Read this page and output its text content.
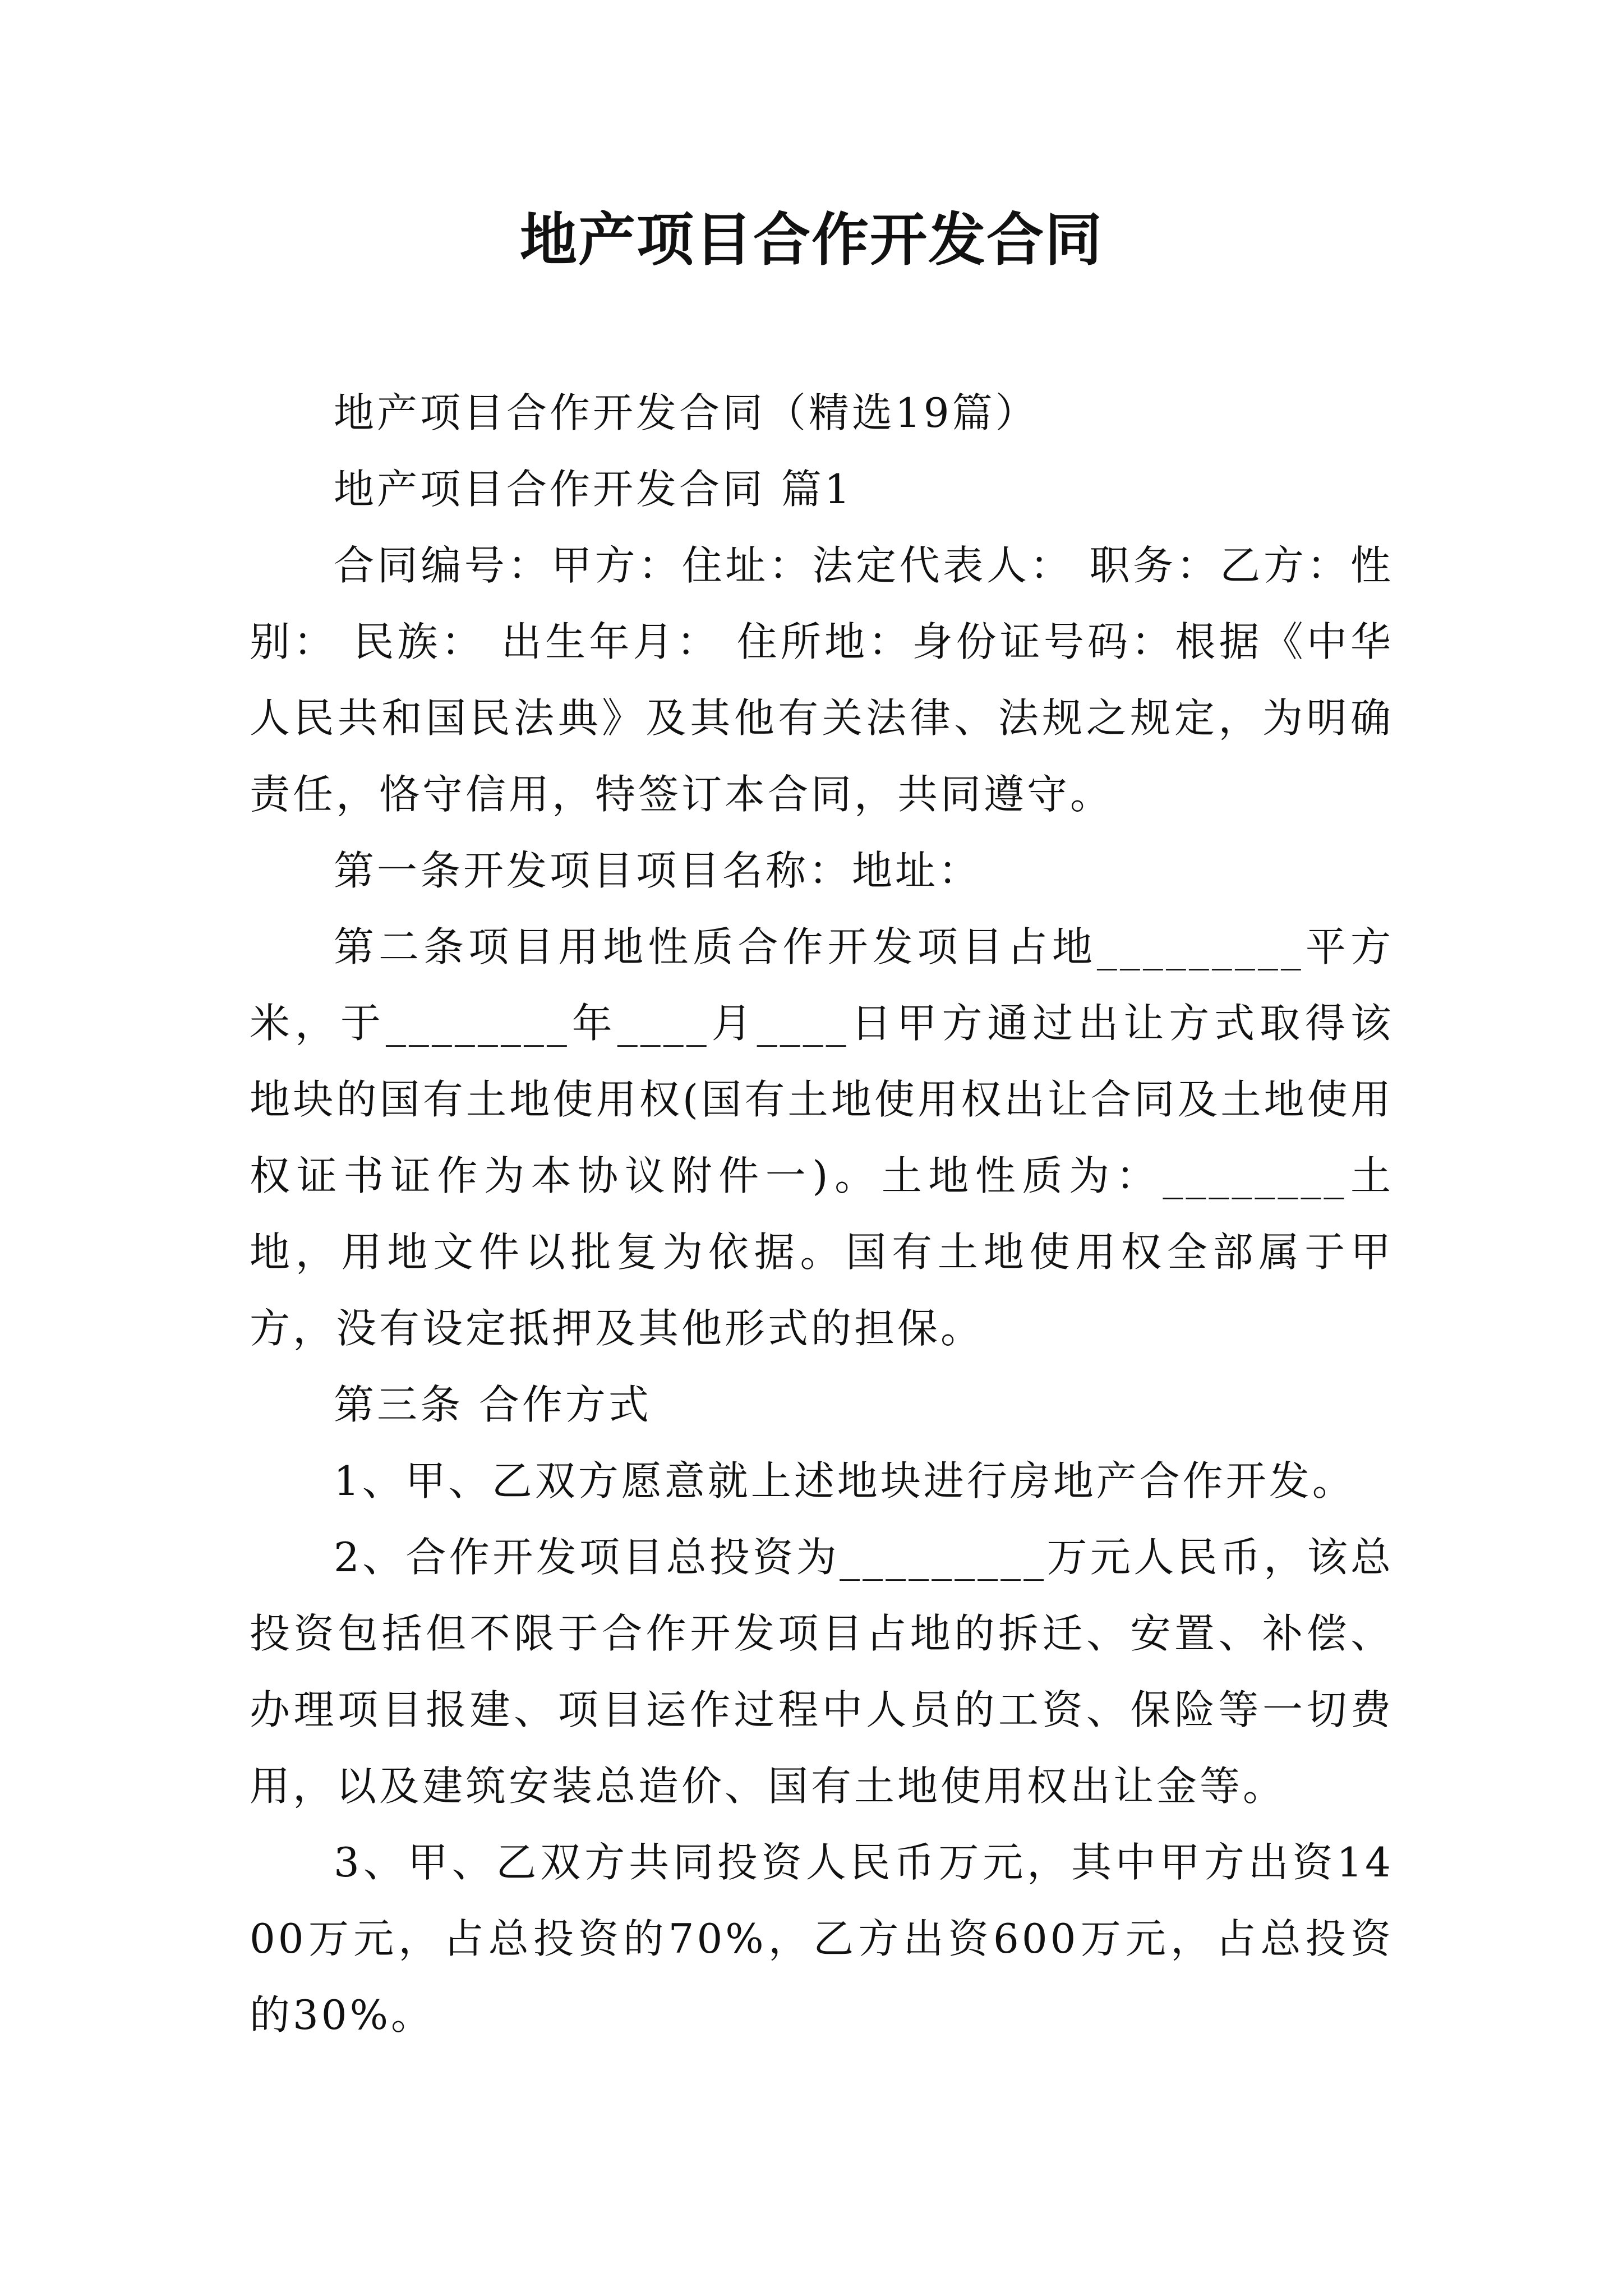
地产项目合作开发合同

地产项目合作开发合同（精选19篇）

地产项目合作开发合同 篇1

合同编号：甲方：住址：法定代表人： 职务：乙方：性别： 民族： 出生年月： 住所地：身份证号码：根据《中华人民共和国民法典》及其他有关法律、法规之规定，为明确责任，恪守信用，特签订本合同，共同遵守。

第一条开发项目项目名称：地址：

第二条项目用地性质合作开发项目占地_________平方米，于________年____月____日甲方通过出让方式取得该地块的国有土地使用权(国有土地使用权出让合同及土地使用权证书证作为本协议附件一)。土地性质为：________土地，用地文件以批复为依据。国有土地使用权全部属于甲方，没有设定抵押及其他形式的担保。

第三条 合作方式

1、甲、乙双方愿意就上述地块进行房地产合作开发。

2、合作开发项目总投资为_________万元人民币，该总投资包括但不限于合作开发项目占地的拆迁、安置、补偿、办理项目报建、项目运作过程中人员的工资、保险等一切费用，以及建筑安装总造价、国有土地使用权出让金等。

3、甲、乙双方共同投资人民币万元，其中甲方出资1400万元，占总投资的70%，乙方出资600万元，占总投资的30%。
